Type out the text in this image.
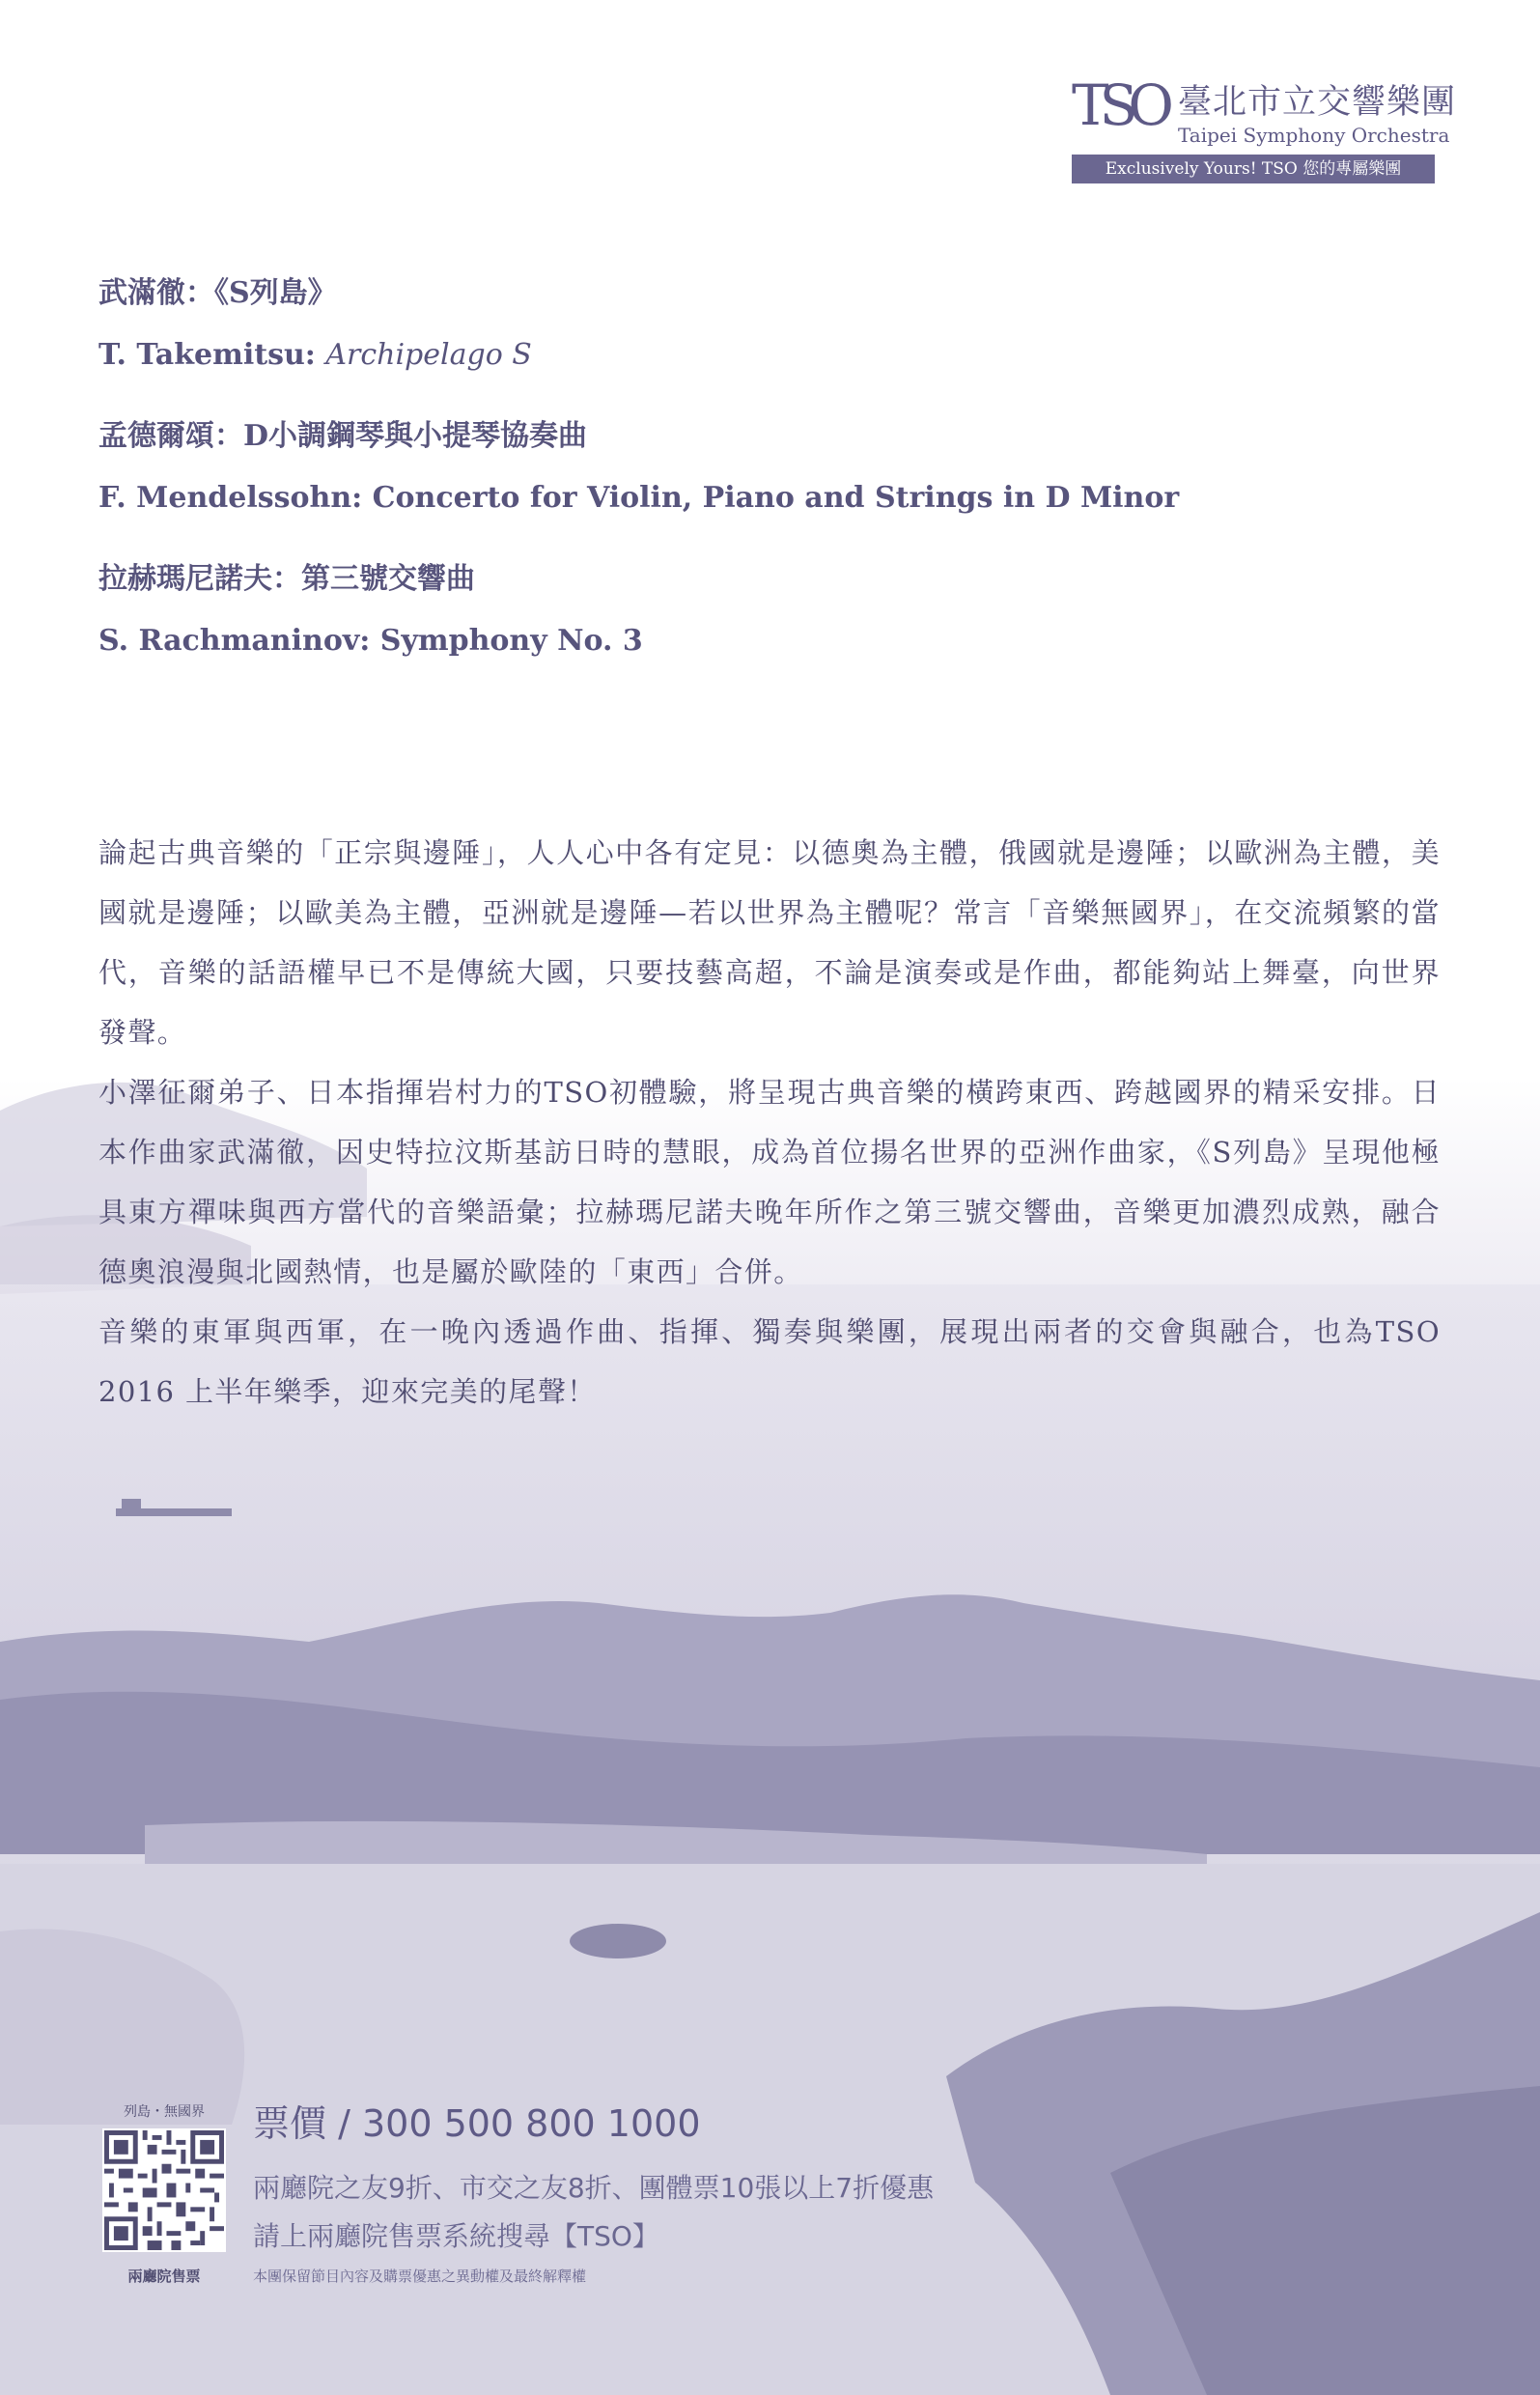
TSO 臺北市立交響樂團
Taipei Symphony Orchestra
Exclusively Yours! TSO 您的專屬樂團
武滿徹：《S列島》
T. Takemitsu: Archipelago S
孟德爾頌：D小調鋼琴與小提琴協奏曲
F. Mendelssohn: Concerto for Violin, Piano and Strings in D Minor
拉赫瑪尼諾夫：第三號交響曲
S. Rachmaninov: Symphony No. 3

論起古典音樂的「正宗與邊陲」，人人心中各有定見：以德奧為主體，俄國就是邊陲；以歐洲為主體，美國就是邊陲；以歐美為主體，亞洲就是邊陲—若以世界為主體呢？常言「音樂無國界」，在交流頻繁的當代，音樂的話語權早已不是傳統大國，只要技藝高超，不論是演奏或是作曲，都能夠站上舞臺，向世界發聲。

小澤征爾弟子、日本指揮岩村力的TSO初體驗，將呈現古典音樂的橫跨東西、跨越國界的精采安排。日本作曲家武滿徹，因史特拉汶斯基訪日時的慧眼，成為首位揚名世界的亞洲作曲家，《S列島》呈現他極具東方禪味與西方當代的音樂語彙；拉赫瑪尼諾夫晚年所作之第三號交響曲，音樂更加濃烈成熟，融合德奧浪漫與北國熱情，也是屬於歐陸的「東西」合併。

音樂的東軍與西軍，在一晚內透過作曲、指揮、獨奏與樂團，展現出兩者的交會與融合，也為TSO 2016 上半年樂季，迎來完美的尾聲！

列島・無國界
兩廳院售票
票價 / 300 500 800 1000
兩廳院之友9折、市交之友8折、團體票10張以上7折優惠
請上兩廳院售票系統搜尋【TSO】
本團保留節目內容及購票優惠之異動權及最終解釋權
